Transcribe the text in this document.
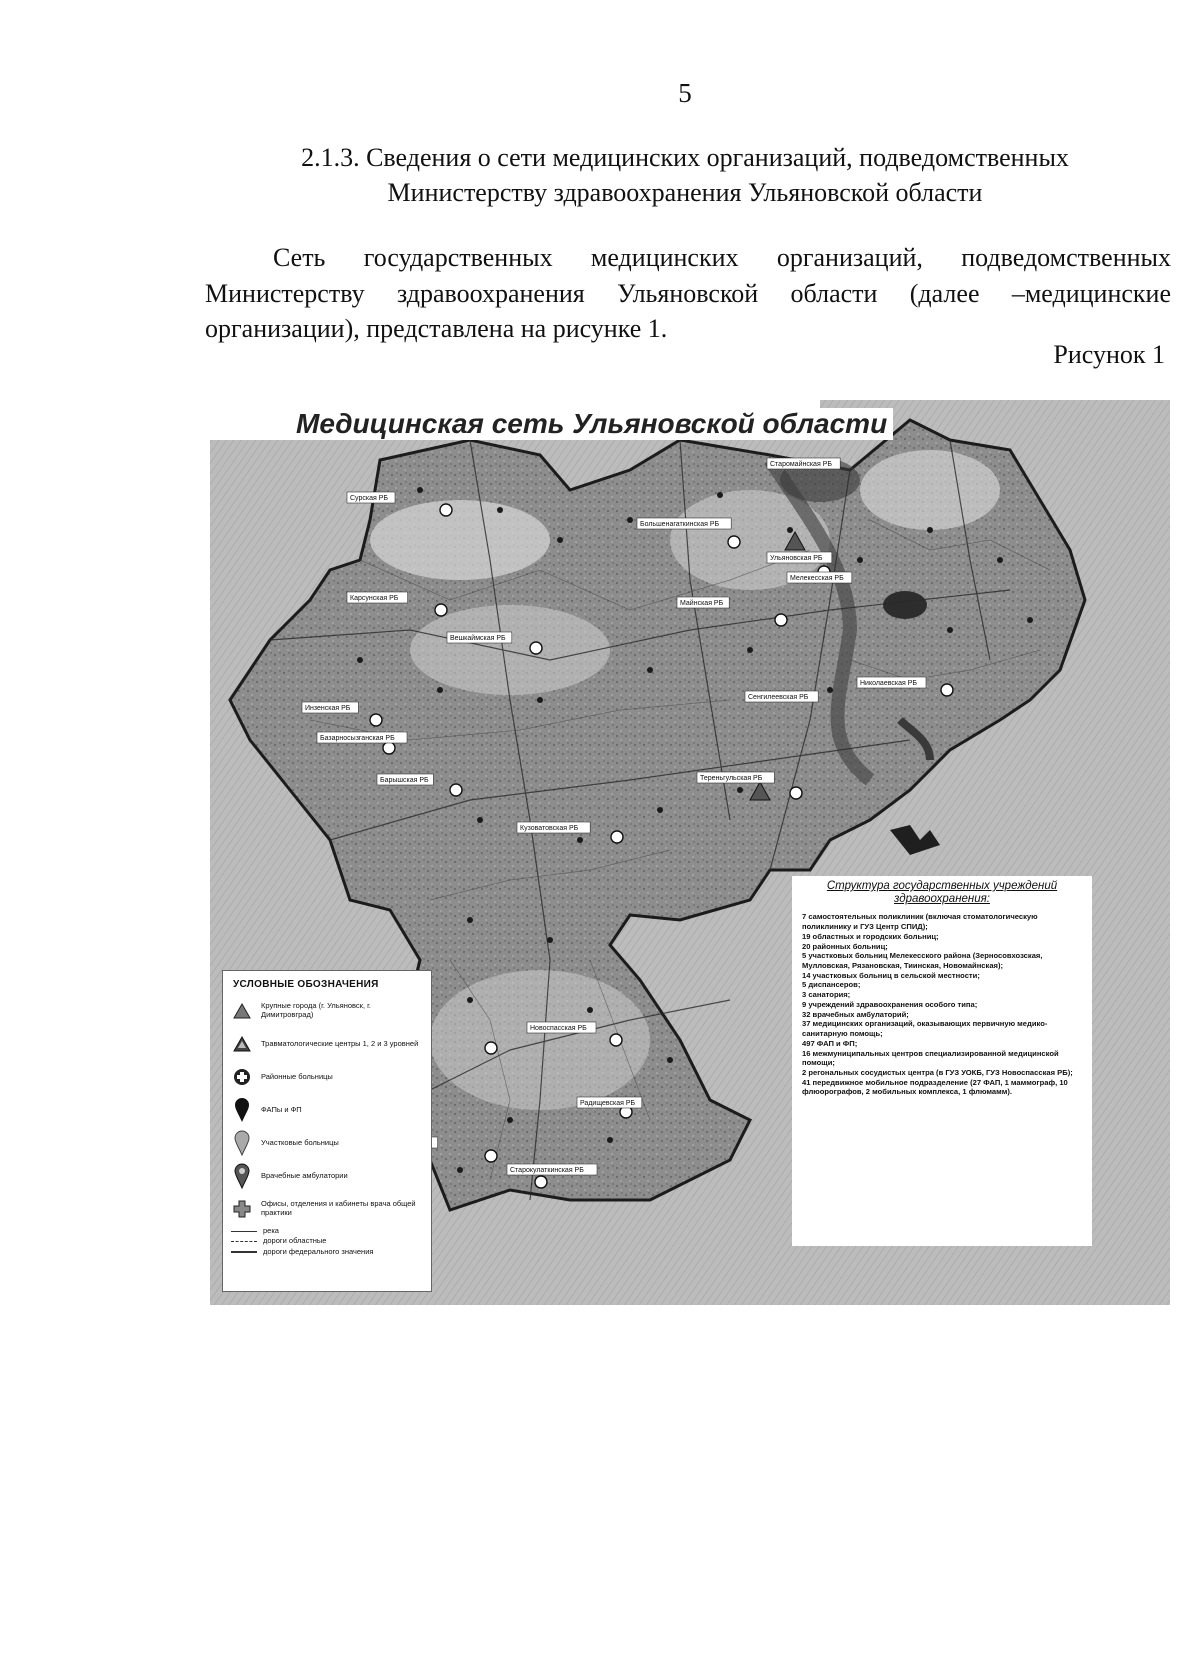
5
2.1.3. Сведения о сети медицинских организаций, подведомственных
Министерству здравоохранения Ульяновской области
Сеть государственных медицинских организаций, подведомственных Министерству здравоохранения Ульяновской области (далее –медицинские организации), представлена на рисунке 1.
Рисунок 1
Медицинская сеть Ульяновской области
Старомайнская РБ
Сурская РБ
Большенагаткинская РБ
Ульяновская РБ
Мелекесская РБ
Карсунская РБ
Майнская РБ
Вешкаймская РБ
Инзенская РБ
Базарносызганская РБ
Барышская РБ
Кузоватовская РБ
Тереньгульская РБ
Сенгилеевская РБ
Николаевская РБ
Новоспасская РБ
Радищевская РБ
Старокулаткинская РБ
УСЛОВНЫЕ ОБОЗНАЧЕНИЯ
Крупные города (г. Ульяновск, г. Димитровград)
Травматологические центры 1, 2 и 3 уровней
Районные больницы
ФАПы и ФП
Участковые больницы
Врачебные амбулатории
Офисы, отделения и кабинеты врача общей практики
река
дороги областные
дороги федерального значения
Структура государственных учреждений здравоохранения:
7 самостоятельных поликлиник (включая стоматологическую поликлинику и ГУЗ Центр СПИД);
19 областных и городских больниц;
20 районных больниц;
5 участковых больниц Мелекесского района (Зерносовхозская, Мулловская, Рязановская, Тиинская, Новомайнская);
14 участковых больниц в сельской местности;
5 диспансеров;
3 санатория;
9 учреждений здравоохранения особого типа;
32 врачебных амбулаторий;
37 медицинских организаций, оказывающих первичную медико-санитарную помощь;
497 ФАП и ФП;
16 межмуниципальных центров специализированной медицинской помощи;
2 регональных сосудистых центра (в ГУЗ УОКБ, ГУЗ Новоспасская РБ);
41 передвижное мобильное подразделение (27 ФАП, 1 маммограф, 10 флюорографов, 2 мобильных комплекса, 1 флюмамм).
